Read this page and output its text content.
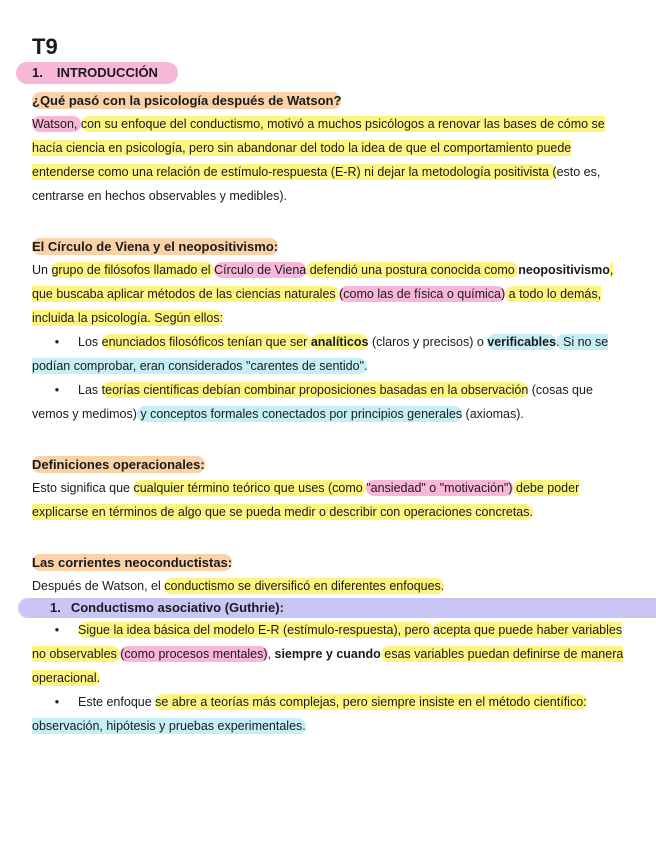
T9
1. INTRODUCCIÓN
¿Qué pasó con la psicología después de Watson?

Watson, con su enfoque del conductismo, motivó a muchos psicólogos a renovar las bases de cómo se hacía ciencia en psicología, pero sin abandonar del todo la idea de que el comportamiento puede entenderse como una relación de estímulo-respuesta (E-R) ni dejar la metodología positivista (esto es, centrarse en hechos observables y medibles).

El Círculo de Viena y el neopositivismo:

Un grupo de filósofos llamado el Círculo de Viena defendió una postura conocida como neopositivismo, que buscaba aplicar métodos de las ciencias naturales (como las de física o química) a todo lo demás, incluida la psicología. Según ellos:

• Los enunciados filosóficos tenían que ser analíticos (claros y precisos) o verificables. Si no se podían comprobar, eran considerados "carentes de sentido".

• Las teorías científicas debían combinar proposiciones basadas en la observación (cosas que vemos y medimos) y conceptos formales conectados por principios generales (axiomas).

Definiciones operacionales:

Esto significa que cualquier término teórico que uses (como "ansiedad" o "motivación") debe poder explicarse en términos de algo que se pueda medir o describir con operaciones concretas.

Las corrientes neoconductistas:

Después de Watson, el conductismo se diversificó en diferentes enfoques.

1. Conductismo asociativo (Guthrie):

• Sigue la idea básica del modelo E-R (estímulo-respuesta), pero acepta que puede haber variables no observables (como procesos mentales), siempre y cuando esas variables puedan definirse de manera operacional.

• Este enfoque se abre a teorías más complejas, pero siempre insiste en el método científico: observación, hipótesis y pruebas experimentales.
